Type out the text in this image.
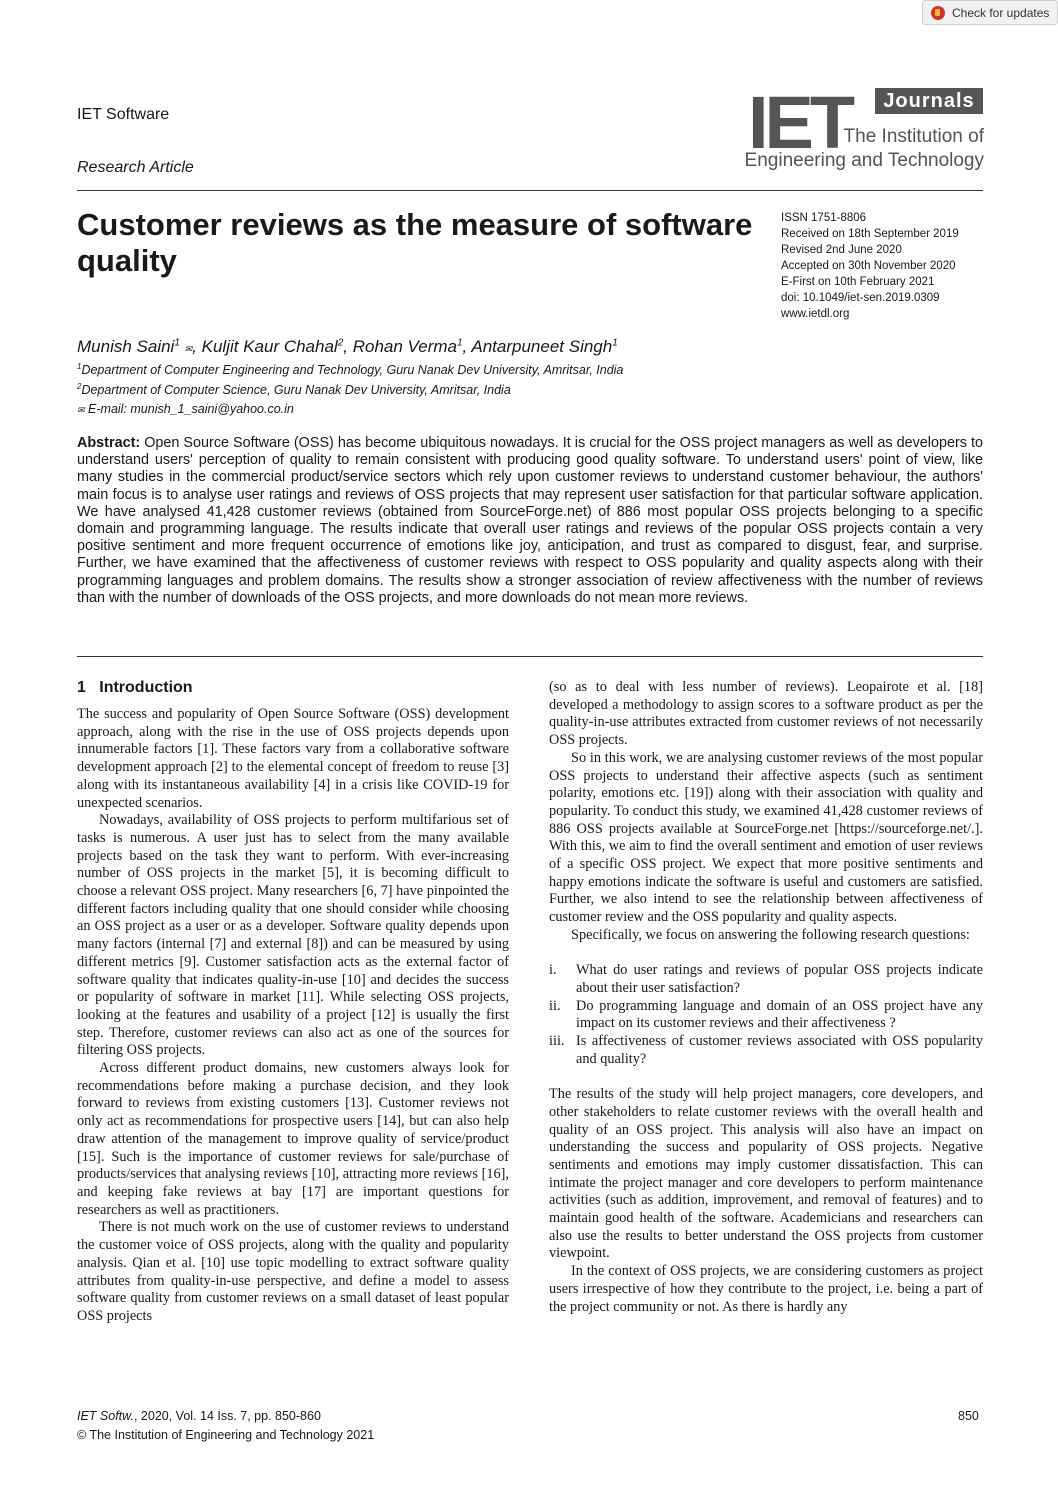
Check for updates
IET Software
Research Article
IET	Journals
The Institution of
Engineering and Technology
Customer reviews as the measure of software quality
ISSN 1751-8806
Received on 18th September 2019
Revised 2nd June 2020
Accepted on 30th November 2020
E-First on 10th February 2021
doi: 10.1049/iet-sen.2019.0309
www.ietdl.org
Munish Saini$^1$ ✉, Kuljit Kaur Chahal$^2$, Rohan Verma$^1$, Antarpuneet Singh$^1$
$^1$Department of Computer Engineering and Technology, Guru Nanak Dev University, Amritsar, India
$^2$Department of Computer Science, Guru Nanak Dev University, Amritsar, India
✉ E-mail: munish_1_saini@yahoo.co.in
Abstract: Open Source Software (OSS) has become ubiquitous nowadays. It is crucial for the OSS project managers as well as developers to understand users' perception of quality to remain consistent with producing good quality software. To understand users' point of view, like many studies in the commercial product/service sectors which rely upon customer reviews to understand customer behaviour, the authors' main focus is to analyse user ratings and reviews of OSS projects that may represent user satisfaction for that particular software application. We have analysed 41,428 customer reviews (obtained from SourceForge.net) of 886 most popular OSS projects belonging to a specific domain and programming language. The results indicate that overall user ratings and reviews of the popular OSS projects contain a very positive sentiment and more frequent occurrence of emotions like joy, anticipation, and trust as compared to disgust, fear, and surprise. Further, we have examined that the affectiveness of customer reviews with respect to OSS popularity and quality aspects along with their programming languages and problem domains. The results show a stronger association of review affectiveness with the number of reviews than with the number of downloads of the OSS projects, and more downloads do not mean more reviews.
1 Introduction

The success and popularity of Open Source Software (OSS) development approach, along with the rise in the use of OSS projects depends upon innumerable factors [1]. These factors vary from a collaborative software development approach [2] to the elemental concept of freedom to reuse [3] along with its instantaneous availability [4] in a crisis like COVID-19 for unexpected scenarios.

Nowadays, availability of OSS projects to perform multifarious set of tasks is numerous. A user just has to select from the many available projects based on the task they want to perform. With ever-increasing number of OSS projects in the market [5], it is becoming difficult to choose a relevant OSS project. Many researchers [6, 7] have pinpointed the different factors including quality that one should consider while choosing an OSS project as a user or as a developer. Software quality depends upon many factors (internal [7] and external [8]) and can be measured by using different metrics [9]. Customer satisfaction acts as the external factor of software quality that indicates quality-in-use [10] and decides the success or popularity of software in market [11]. While selecting OSS projects, looking at the features and usability of a project [12] is usually the first step. Therefore, customer reviews can also act as one of the sources for filtering OSS projects.

Across different product domains, new customers always look for recommendations before making a purchase decision, and they look forward to reviews from existing customers [13]. Customer reviews not only act as recommendations for prospective users [14], but can also help draw attention of the management to improve quality of service/product [15]. Such is the importance of customer reviews for sale/purchase of products/services that analysing reviews [10], attracting more reviews [16], and keeping fake reviews at bay [17] are important questions for researchers as well as practitioners.

There is not much work on the use of customer reviews to understand the customer voice of OSS projects, along with the quality and popularity analysis. Qian et al. [10] use topic modelling to extract software quality attributes from quality-in-use perspective, and define a model to assess software quality from customer reviews on a small dataset of least popular OSS projects

(so as to deal with less number of reviews). Leopairote et al. [18] developed a methodology to assign scores to a software product as per the quality-in-use attributes extracted from customer reviews of not necessarily OSS projects.

So in this work, we are analysing customer reviews of the most popular OSS projects to understand their affective aspects (such as sentiment polarity, emotions etc. [19]) along with their association with quality and popularity. To conduct this study, we examined 41,428 customer reviews of 886 OSS projects available at SourceForge.net [https://sourceforge.net/.]. With this, we aim to find the overall sentiment and emotion of user reviews of a specific OSS project. We expect that more positive sentiments and happy emotions indicate the software is useful and customers are satisfied. Further, we also intend to see the relationship between affectiveness of customer review and the OSS popularity and quality aspects.

Specifically, we focus on answering the following research questions:

i.	What do user ratings and reviews of popular OSS projects indicate about their user satisfaction?
ii.	Do programming language and domain of an OSS project have any impact on its customer reviews and their affectiveness ?
iii. Is affectiveness of customer reviews associated with OSS popularity and quality?

The results of the study will help project managers, core developers, and other stakeholders to relate customer reviews with the overall health and quality of an OSS project. This analysis will also have an impact on understanding the success and popularity of OSS projects. Negative sentiments and emotions may imply customer dissatisfaction. This can intimate the project manager and core developers to perform maintenance activities (such as addition, improvement, and removal of features) and to maintain good health of the software. Academicians and researchers can also use the results to better understand the OSS projects from customer viewpoint.

In the context of OSS projects, we are considering customers as project users irrespective of how they contribute to the project, i.e. being a part of the project community or not. As there is hardly any

IET Softw., 2020, Vol. 14 Iss. 7, pp. 850-860
© The Institution of Engineering and Technology 2021
850
